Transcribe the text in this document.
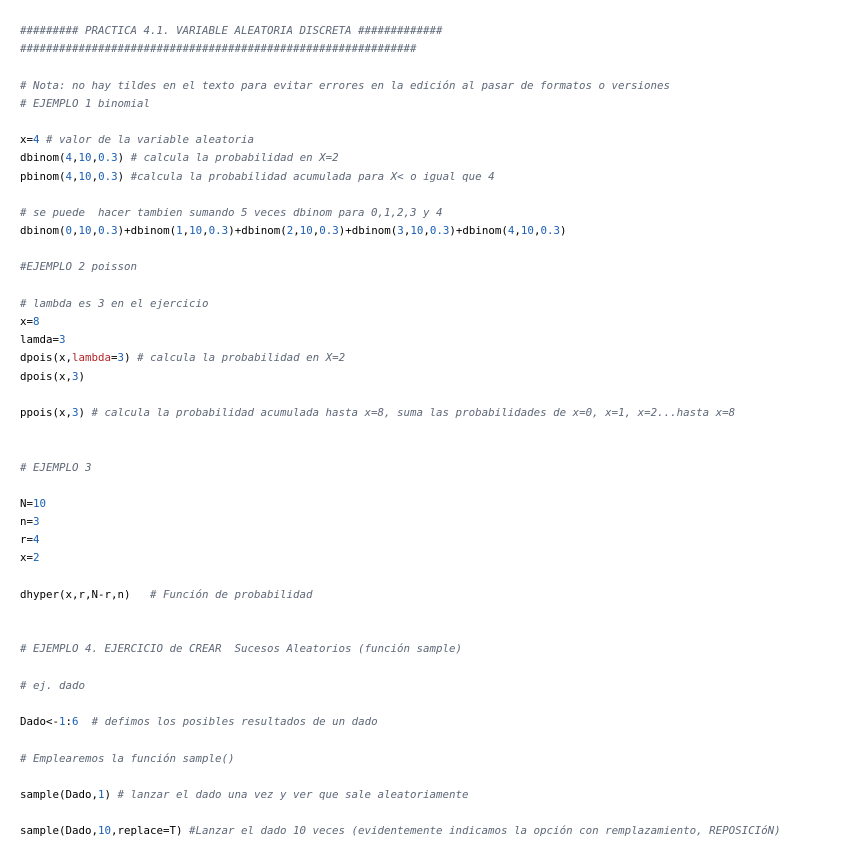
######### PRACTICA 4.1. VARIABLE ALEATORIA DISCRETA #############
#############################################################
# Nota: no hay tildes en el texto para evitar errores en la edición al pasar de formatos o versiones
# EJEMPLO 1 binomial
x=4 # valor de la variable aleatoria
dbinom(4,10,0.3) # calcula la probabilidad en X=2
pbinom(4,10,0.3) #calcula la probabilidad acumulada para X< o igual que 4
# se puede  hacer tambien sumando 5 veces dbinom para 0,1,2,3 y 4
dbinom(0,10,0.3)+dbinom(1,10,0.3)+dbinom(2,10,0.3)+dbinom(3,10,0.3)+dbinom(4,10,0.3)
#EJEMPLO 2 poisson
# lambda es 3 en el ejercicio
x=8
lamda=3
dpois(x,lambda=3) # calcula la probabilidad en X=2
dpois(x,3)
ppois(x,3) # calcula la probabilidad acumulada hasta x=8, suma las probabilidades de x=0, x=1, x=2...hasta x=8
# EJEMPLO 3
N=10
n=3
r=4
x=2
dhyper(x,r,N-r,n)   # Función de probabilidad
# EJEMPLO 4. EJERCICIO de CREAR  Sucesos Aleatorios (función sample)
# ej. dado
Dado<-1:6 # defimos los posibles resultados de un dado
# Emplearemos la función sample()
sample(Dado,1) # lanzar el dado una vez y ver que sale aleatoriamente
sample(Dado,10,replace=T) #Lanzar el dado 10 veces (evidentemente indicamos la opción con remplazamiento, REPOSICIóN)
